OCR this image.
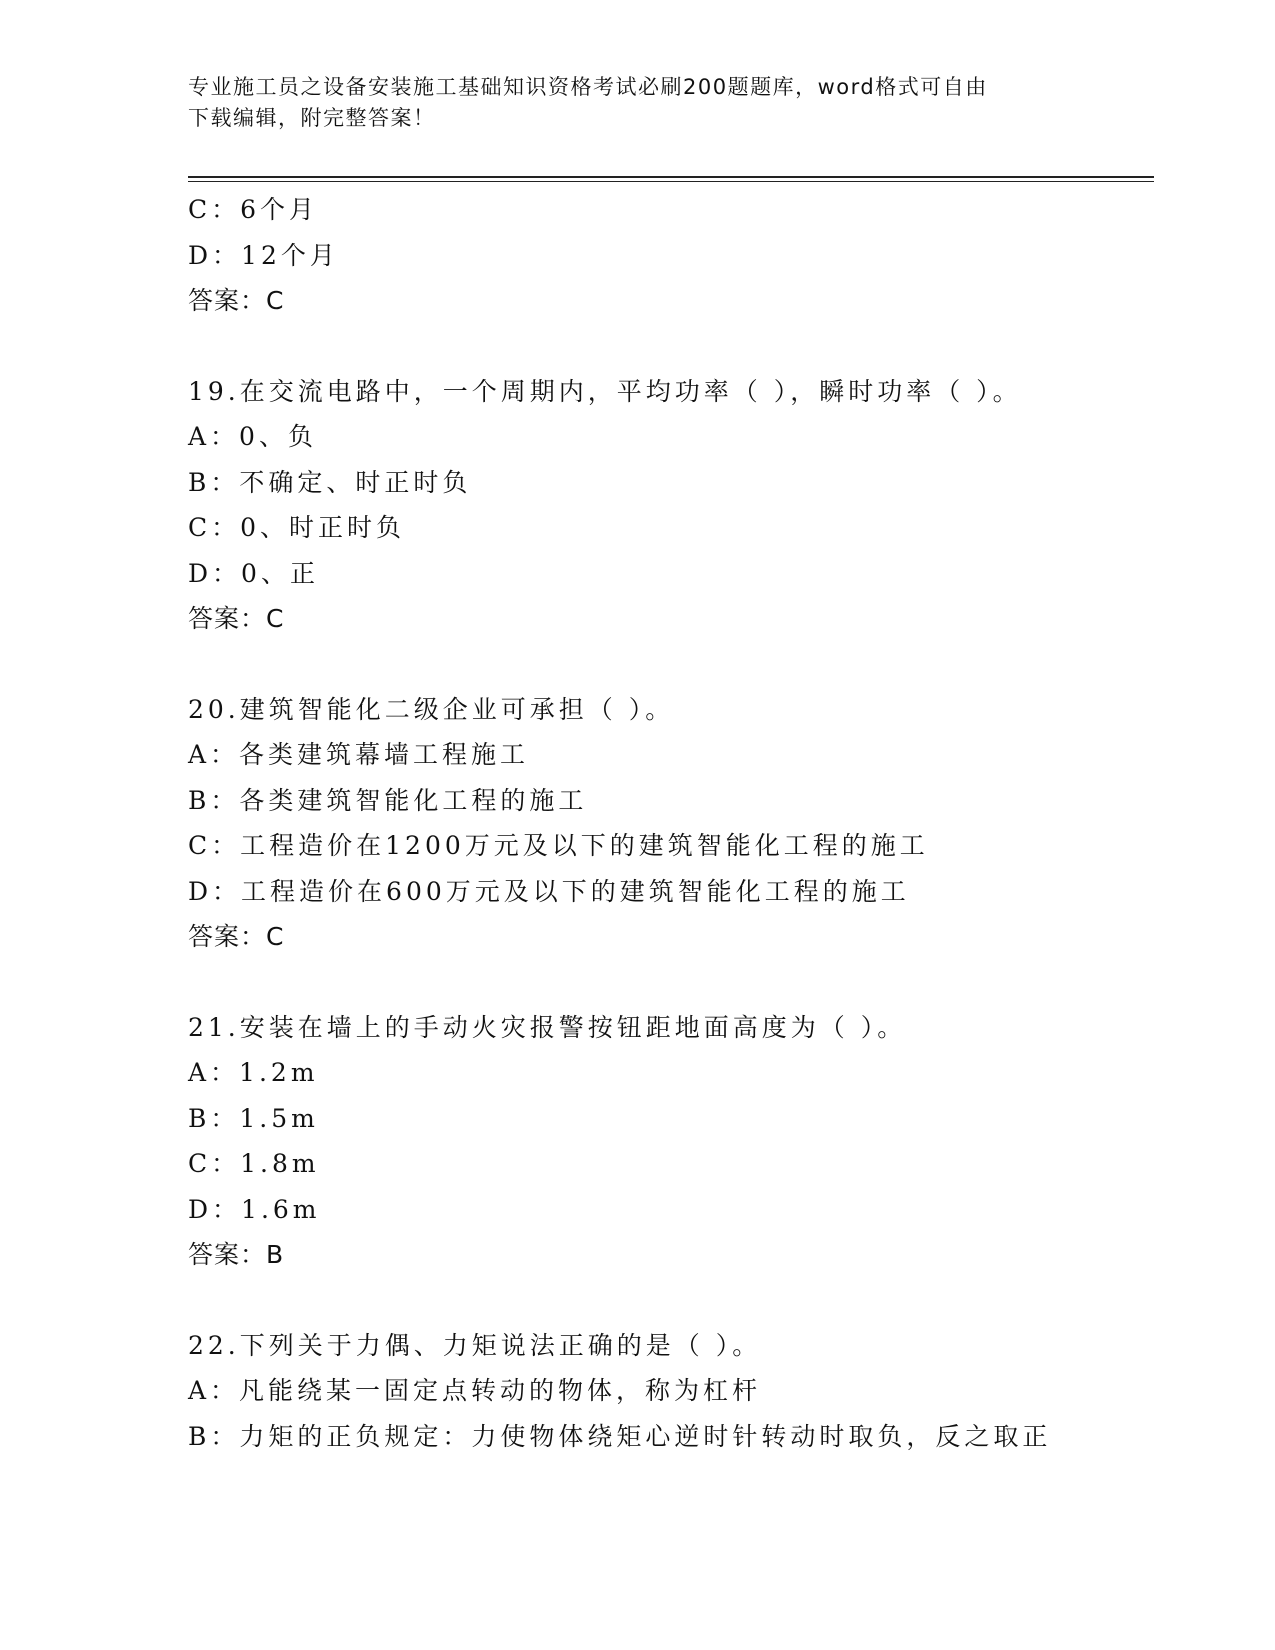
专业施工员之设备安装施工基础知识资格考试必刷200题题库，word格式可自由
下载编辑，附完整答案！
C：6个月
D：12个月
答案：C
19.在交流电路中，一个周期内，平均功率（ ），瞬时功率（ ）。
A：0、负
B：不确定、时正时负
C：0、时正时负
D：0、正
答案：C
20.建筑智能化二级企业可承担（ ）。
A：各类建筑幕墙工程施工
B：各类建筑智能化工程的施工
C：工程造价在1200万元及以下的建筑智能化工程的施工
D：工程造价在600万元及以下的建筑智能化工程的施工
答案：C
21.安装在墙上的手动火灾报警按钮距地面高度为（ ）。
A：1.2m
B：1.5m
C：1.8m
D：1.6m
答案：B
22.下列关于力偶、力矩说法正确的是（ ）。
A：凡能绕某一固定点转动的物体，称为杠杆
B：力矩的正负规定：力使物体绕矩心逆时针转动时取负，反之取正
